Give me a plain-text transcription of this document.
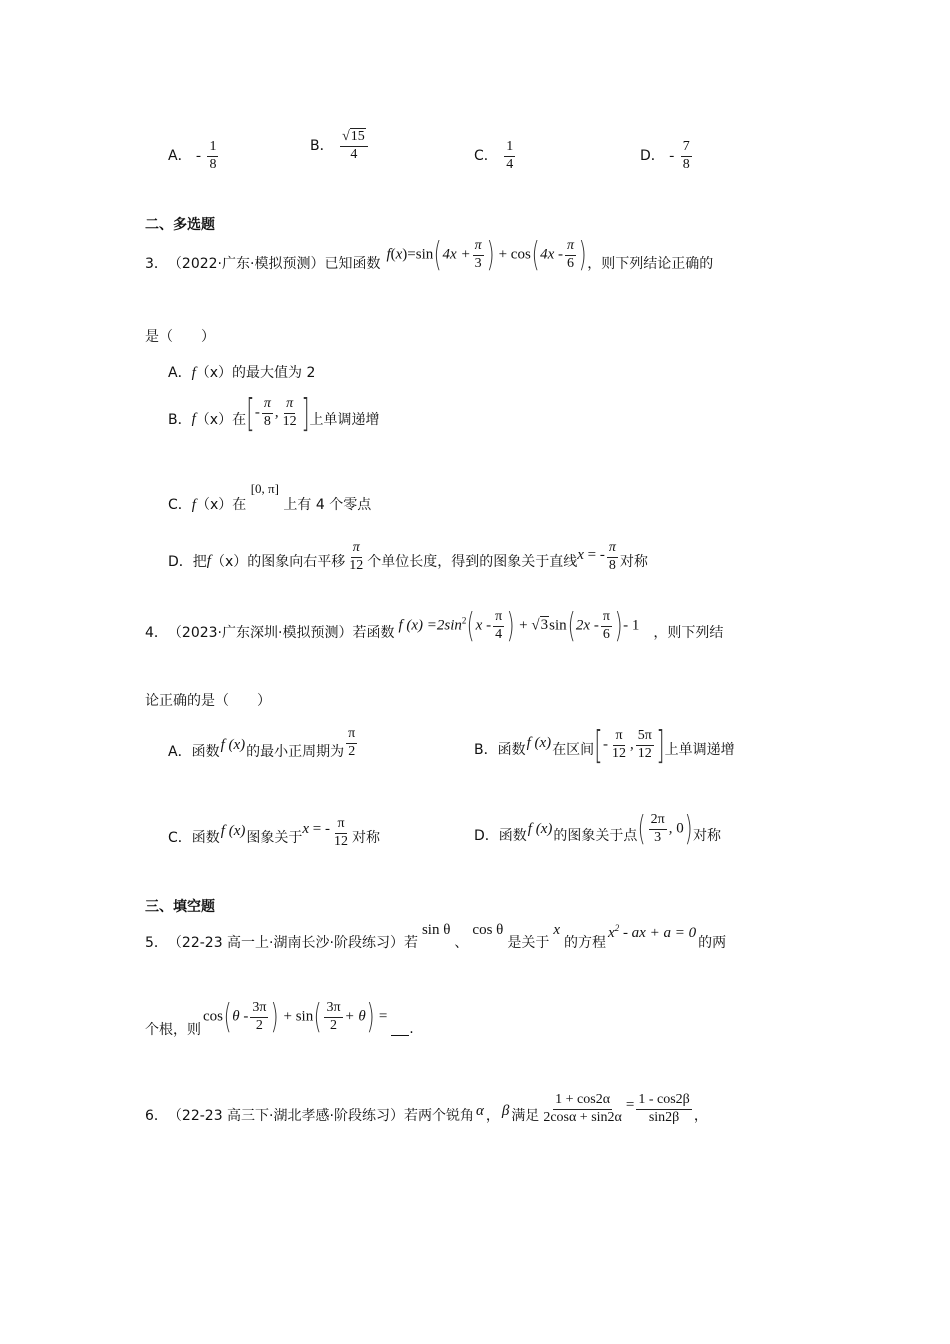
A． - $\frac{1}{8}$	B． $\frac{√15}{4}$	C． $\frac{1}{4}$	D． - $\frac{7}{8}$
二、多选题
3． （2022·广东·模拟预测）已知函数
$f(x)=\sin(4x + \frac{\pi}{3}$ ) + $\cos(4x - \frac{\pi}{6}$ ) ，则下列结论正确的
是（　　）
A．f（x）的最大值为 2
B． f （x）在 [- $\frac{\pi}{8}$ , $\frac{\pi}{12}$ ] 上单调递增
C．f（x）在 [0, π] 上有 4 个零点
D． 把 f （x）的图象向右平移 $\frac{\pi}{12}$ 个单位长度，得到的图象关于直线 x = - $\frac{\pi}{8}$ 对称
4． （2023·广东深圳·模拟预测）若函数 f $(x) =2\sin^2(x - \frac{\pi}{4}$ ) + $√3\sin(2x - \frac{\pi}{6}$ )- 1 ，则下列结
论正确的是（　　）
A． 函数 f (x) 的最小正周期为 $\frac{\pi}{2}$	B． 函数 f (x) 在区间 [- $\frac{\pi}{12}$ , $\frac{5\pi}{12}$ ] 上单调递增
C． 函数 f (x) 图象关于
x = - $\frac{\pi}{12}$ 对称	D． 函数 f (x) 的图象关于点 ( $\frac{2\pi}{3}$ , 0) 对称
三、填空题
5． （22-23 高一上·湖南长沙·阶段练习）若
sin θ
、
cos θ
是关于
x
的方程
$x^2$ - ax + a = 0
的两
个根，则
$\cos(\theta - \frac{3\pi}{2}$ ) + $\sin( \frac{3\pi}{2} + \theta)$ =
.
6． （22-23 高三下·湖北孝感·阶段练习）若两个锐角 α ， β 满足 $\frac{1 + \cos 2\alpha}{2\cos\alpha + \sin 2\alpha} = \frac{1 - \cos 2\beta}{\sin 2\beta}$ ，
